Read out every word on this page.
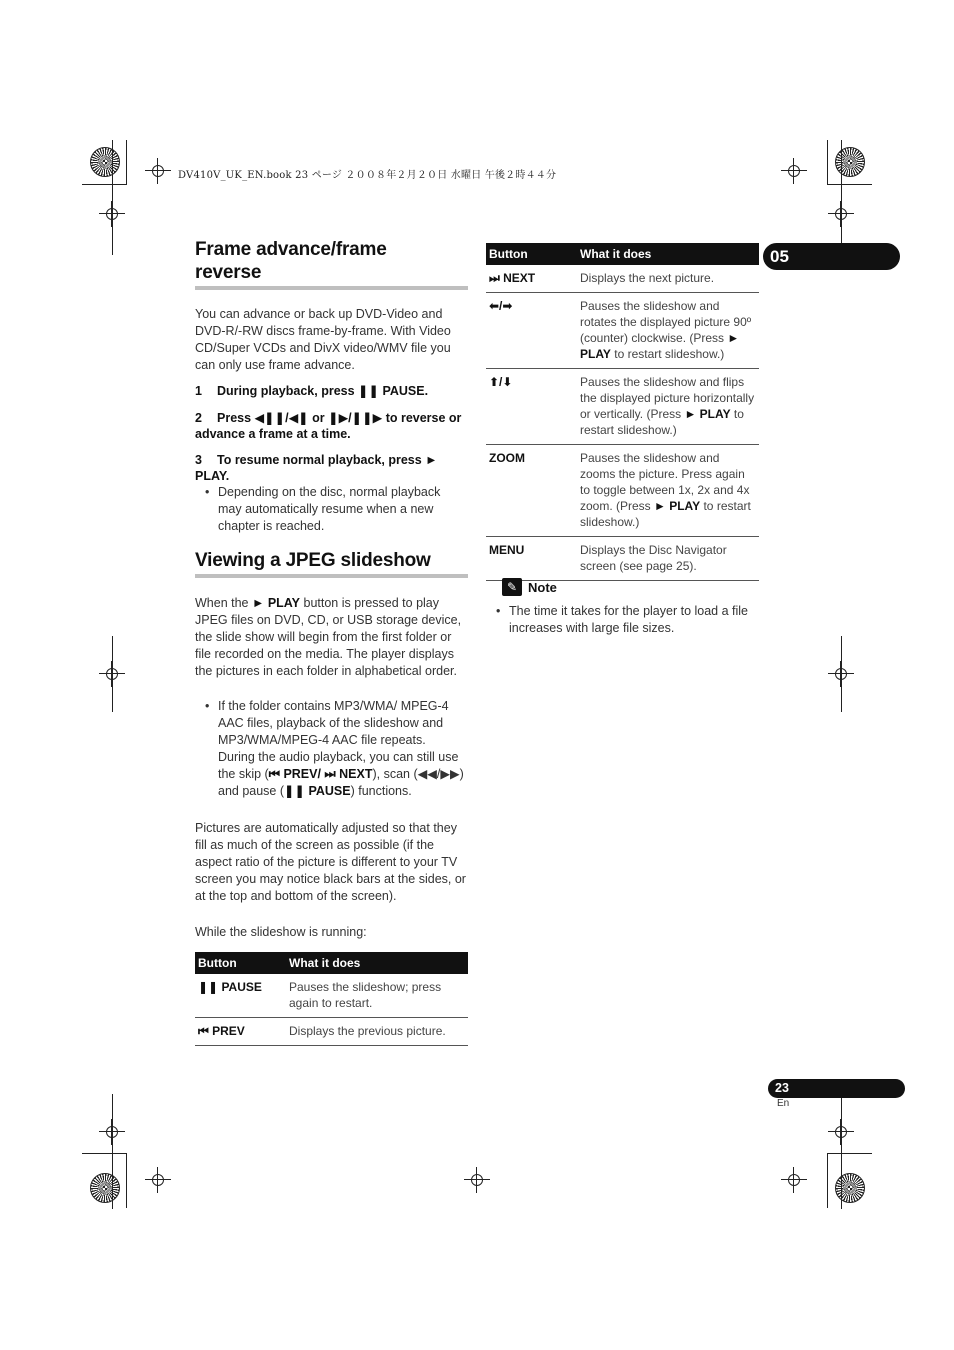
DV410V_UK_EN.book 23 ページ ２００８年２月２０日 水曜日 午後２時４４分
05
Frame advance/frame reverse

You can advance or back up DVD-Video and DVD-R/-RW discs frame-by-frame. With Video CD/Super VCDs and DivX video/WMV file you can only use frame advance.

1 During playback, press ❚❚ PAUSE.
2 Press ◀❚❚/◀❚ or ❚▶/❚❚▶ to reverse or advance a frame at a time.
3 To resume normal playback, press ► PLAY.
• Depending on the disc, normal playback may automatically resume when a new chapter is reached.
Viewing a JPEG slideshow

When the ► PLAY button is pressed to play JPEG files on DVD, CD, or USB storage device, the slide show will begin from the first folder or file recorded on the media. The player displays the pictures in each folder in alphabetical order.

• If the folder contains MP3/WMA/ MPEG-4 AAC files, playback of the slideshow and MP3/WMA/MPEG-4 AAC file repeats. During the audio playback, you can still use the skip (⏮ PREV/ ⏭ NEXT), scan (◀◀/▶▶) and pause (❚❚ PAUSE) functions.

Pictures are automatically adjusted so that they fill as much of the screen as possible (if the aspect ratio of the picture is different to your TV screen you may notice black bars at the sides, or at the top and bottom of the screen).

While the slideshow is running:

Button	What it does
❚❚ PAUSE	Pauses the slideshow; press again to restart.
⏮ PREV	Displays the previous picture.
Button	What it does
⏭ NEXT	Displays the next picture.
⬅/➡	Pauses the slideshow and rotates the displayed picture 90º (counter) clockwise. (Press ► PLAY to restart slideshow.)
⬆/⬇	Pauses the slideshow and flips the displayed picture horizontally or vertically. (Press ► PLAY to restart slideshow.)
ZOOM	Pauses the slideshow and zooms the picture. Press again to toggle between 1x, 2x and 4x zoom. (Press ► PLAY to restart slideshow.)
MENU	Displays the Disc Navigator screen (see page 25).
✎ Note
• The time it takes for the player to load a file increases with large file sizes.
23
En
